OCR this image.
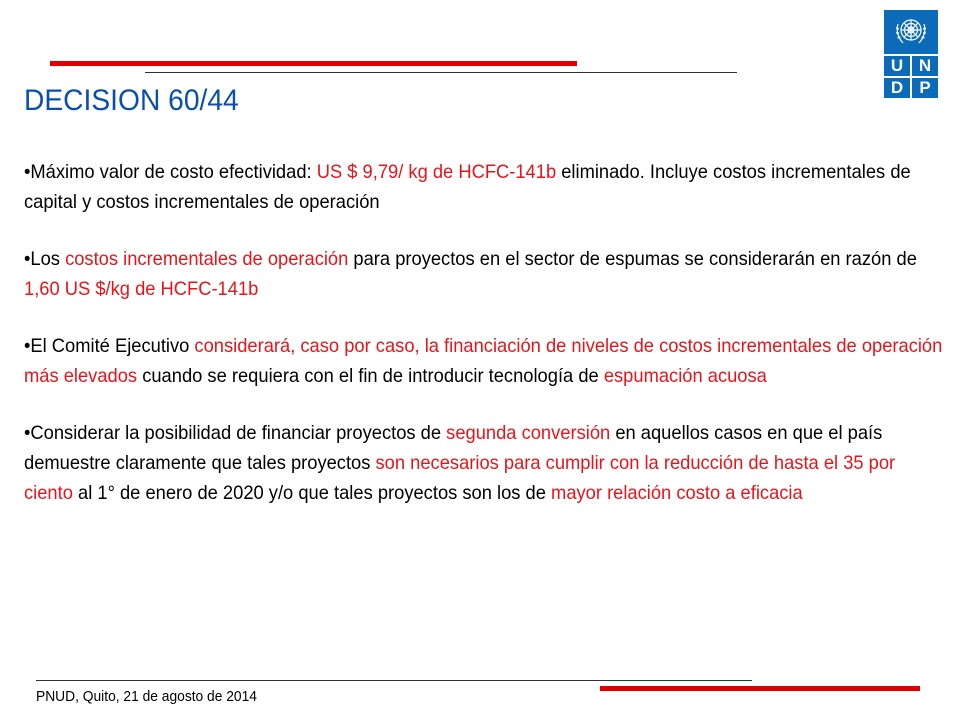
U N
D P
DECISION 60/44

•Máximo valor de costo efectividad: US $ 9,79/ kg de HCFC-141b eliminado. Incluye costos incrementales de capital y costos incrementales de operación

•Los costos incrementales de operación para proyectos en el sector de espumas se considerarán en razón de 1,60 US $/kg de HCFC-141b

•El Comité Ejecutivo considerará, caso por caso, la financiación de niveles de costos incrementales de operación más elevados cuando se requiera con el fin de introducir tecnología de espumación acuosa

•Considerar la posibilidad de financiar proyectos de segunda conversión en aquellos casos en que el país demuestre claramente que tales proyectos son necesarios para cumplir con la reducción de hasta el 35 por ciento al 1° de enero de 2020 y/o que tales proyectos son los de mayor relación costo a eficacia

PNUD, Quito, 21 de agosto de 2014
